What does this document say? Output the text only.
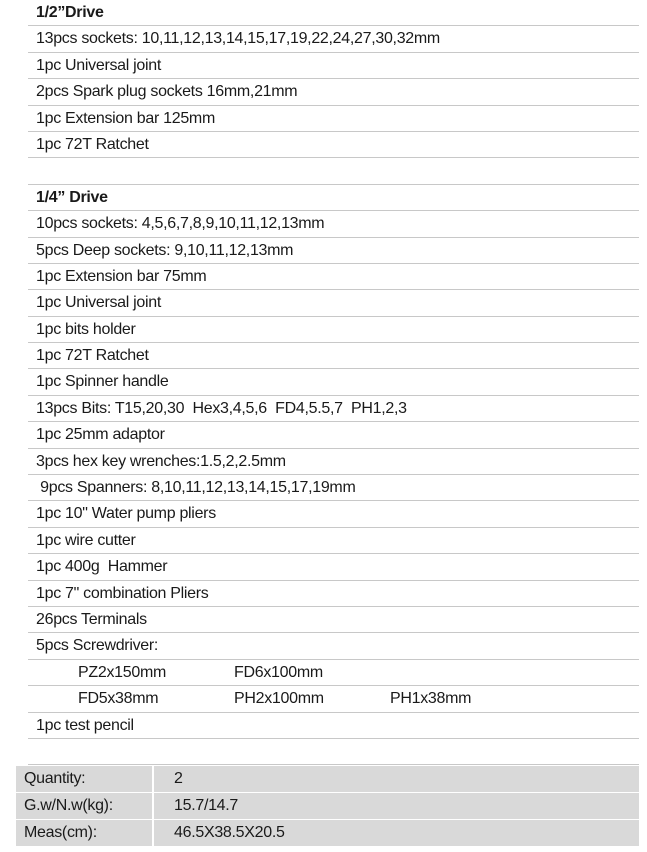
1/2”Drive
13pcs sockets: 10,11,12,13,14,15,17,19,22,24,27,30,32mm
1pc Universal joint
2pcs Spark plug sockets 16mm,21mm
1pc Extension bar 125mm
1pc 72T Ratchet
1/4” Drive
10pcs sockets: 4,5,6,7,8,9,10,11,12,13mm
5pcs Deep sockets: 9,10,11,12,13mm
1pc Extension bar 75mm
1pc Universal joint
1pc bits holder
1pc 72T Ratchet
1pc Spinner handle
13pcs Bits: T15,20,30  Hex3,4,5,6  FD4,5.5,7  PH1,2,3
1pc 25mm adaptor
3pcs hex key wrenches:1.5,2,2.5mm
9pcs Spanners: 8,10,11,12,13,14,15,17,19mm
1pc 10" Water pump pliers
1pc wire cutter
1pc 400g  Hammer
1pc 7" combination Pliers
26pcs Terminals
5pcs Screwdriver:
PZ2x150mm	FD6x100mm
FD5x38mm	PH2x100mm	PH1x38mm
1pc test pencil
Quantity:	2
G.w/N.w(kg):	15.7/14.7
Meas(cm):	46.5X38.5X20.5
